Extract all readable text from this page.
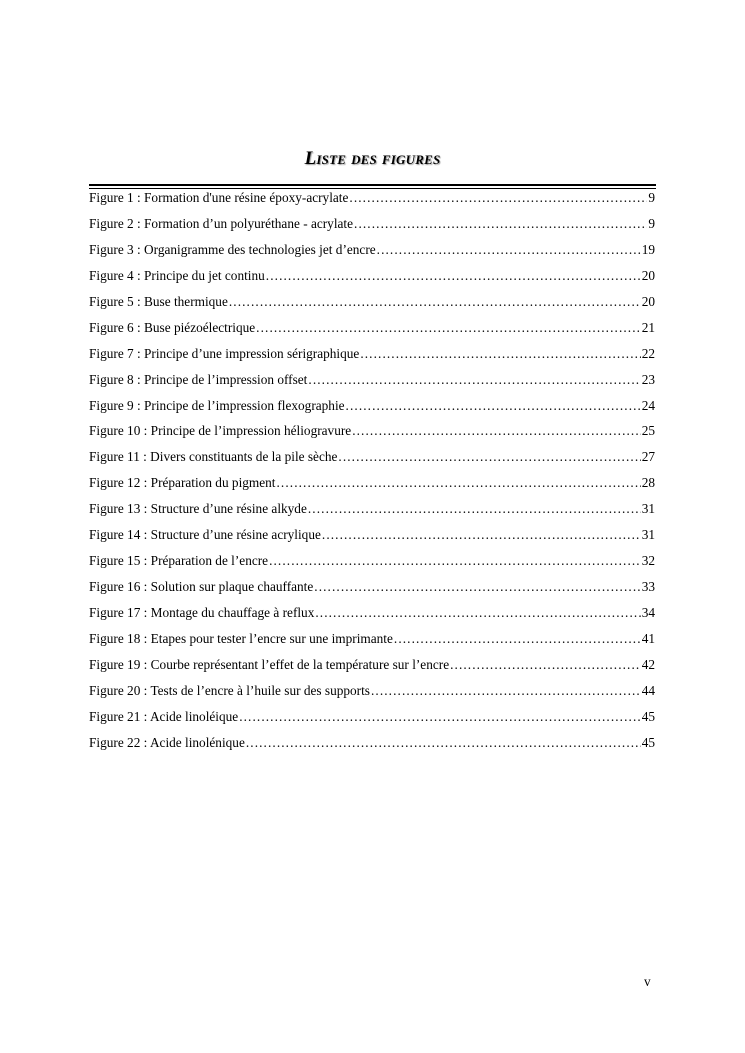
Liste des figures
Figure 1 : Formation d'une résine époxy-acrylate .....	9
Figure 2 : Formation d’un polyuréthane - acrylate .....	9
Figure 3 : Organigramme des technologies jet d’encre .....	19
Figure 4 : Principe du jet continu .....	20
Figure 5 : Buse thermique .....	20
Figure 6 : Buse piézoélectrique .....	21
Figure 7 : Principe d’une impression sérigraphique .....	22
Figure 8 : Principe de l’impression offset .....	23
Figure 9 : Principe de l’impression flexographie .....	24
Figure 10 : Principe de l’impression héliogravure .....	25
Figure 11 : Divers constituants de la pile sèche .....	27
Figure 12 : Préparation du pigment .....	28
Figure 13 : Structure d’une résine alkyde .....	31
Figure 14 : Structure d’une résine acrylique .....	31
Figure 15 : Préparation de l’encre .....	32
Figure 16 : Solution sur plaque chauffante .....	33
Figure 17 : Montage du chauffage à reflux .....	34
Figure 18 : Etapes pour tester l’encre sur une imprimante .....	41
Figure 19 : Courbe représentant l’effet de la température sur l’encre .....	42
Figure 20 : Tests de l’encre à l’huile sur des supports .....	44
Figure 21 : Acide linoléique .....	45
Figure 22 : Acide linolénique .....	45
v
